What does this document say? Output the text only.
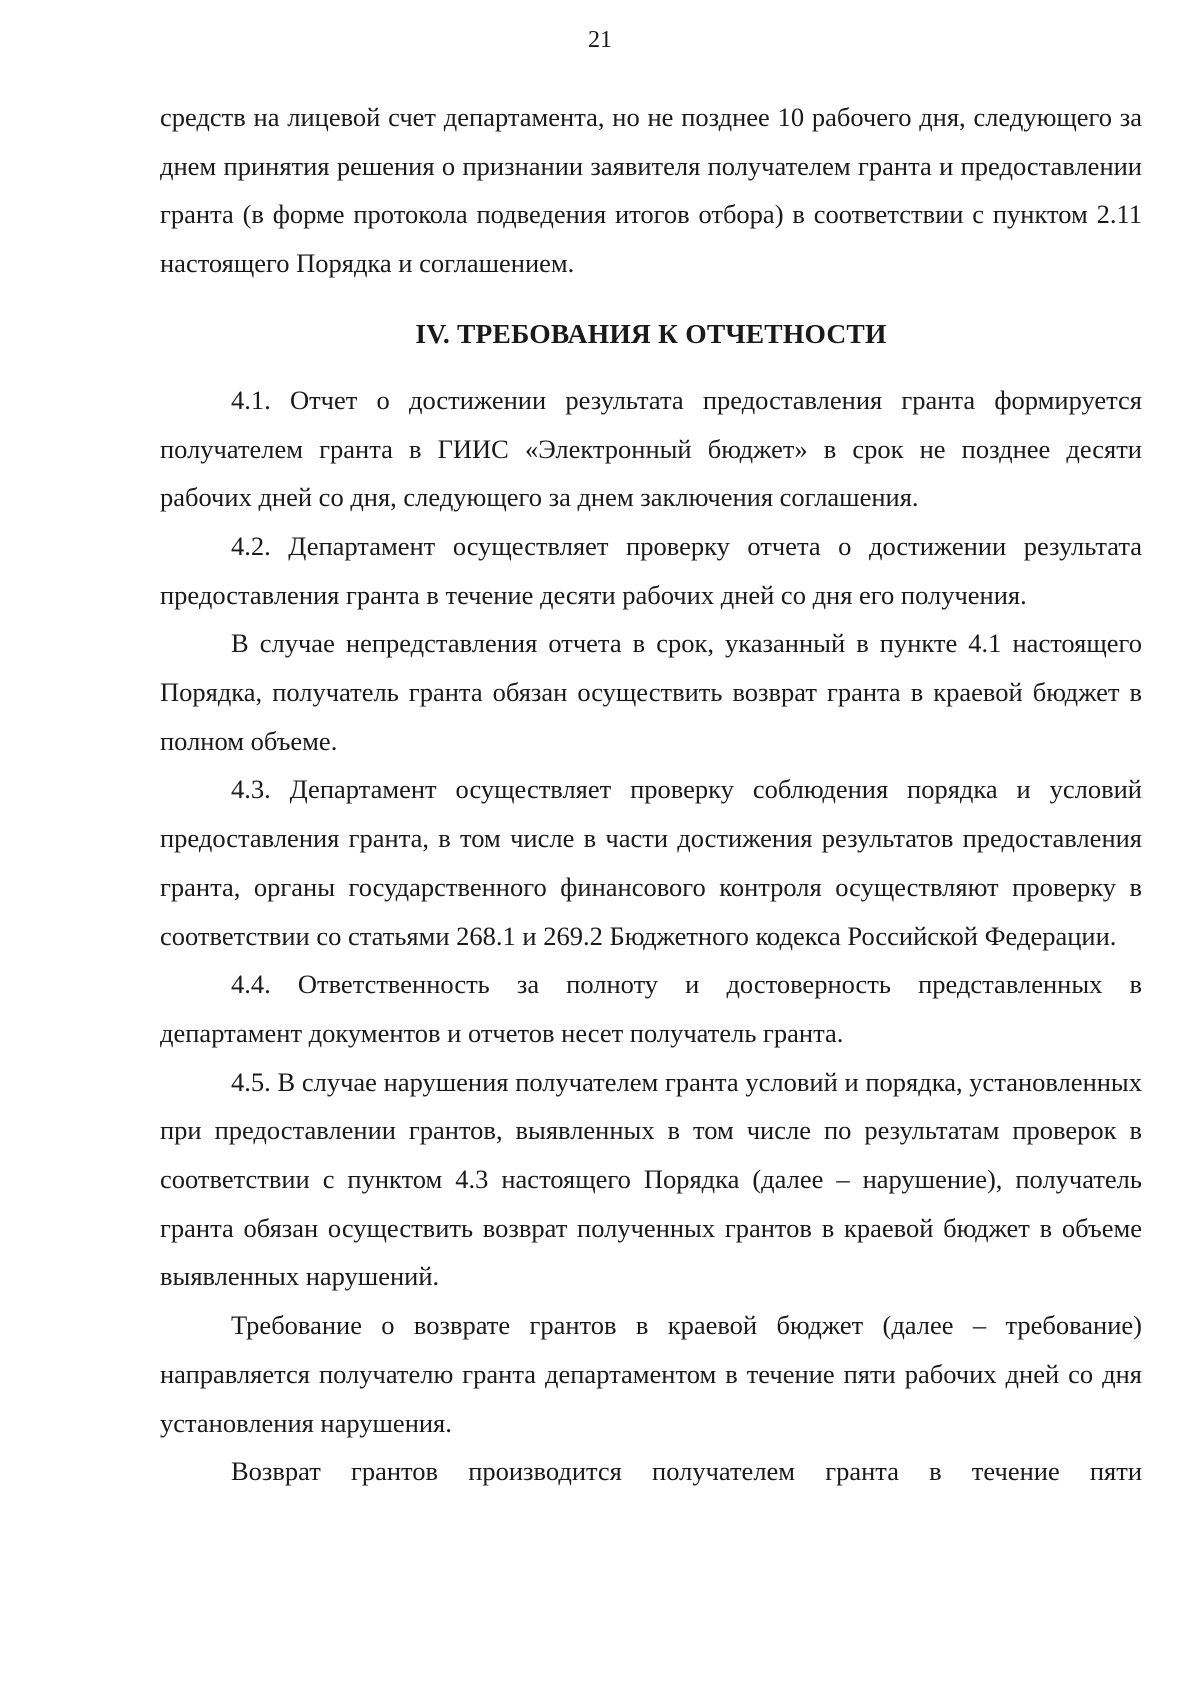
21

средств на лицевой счет департамента, но не позднее 10 рабочего дня, следующего за днем принятия решения о признании заявителя получателем гранта и предоставлении гранта (в форме протокола подведения итогов отбора) в соответствии с пунктом 2.11 настоящего Порядка и соглашением.

IV. ТРЕБОВАНИЯ К ОТЧЕТНОСТИ

4.1. Отчет о достижении результата предоставления гранта формируется получателем гранта в ГИИС «Электронный бюджет» в срок не позднее десяти рабочих дней со дня, следующего за днем заключения соглашения.

4.2. Департамент осуществляет проверку отчета о достижении результата предоставления гранта в течение десяти рабочих дней со дня его получения.

В случае непредставления отчета в срок, указанный в пункте 4.1 настоящего Порядка, получатель гранта обязан осуществить возврат гранта в краевой бюджет в полном объеме.

4.3. Департамент осуществляет проверку соблюдения порядка и условий предоставления гранта, в том числе в части достижения результатов предоставления гранта, органы государственного финансового контроля осуществляют проверку в соответствии со статьями 268.1 и 269.2 Бюджетного кодекса Российской Федерации.

4.4. Ответственность за полноту и достоверность представленных в департамент документов и отчетов несет получатель гранта.

4.5. В случае нарушения получателем гранта условий и порядка, установленных при предоставлении грантов, выявленных в том числе по результатам проверок в соответствии с пунктом 4.3 настоящего Порядка (далее – нарушение), получатель гранта обязан осуществить возврат полученных грантов в краевой бюджет в объеме выявленных нарушений.

Требование о возврате грантов в краевой бюджет (далее – требование) направляется получателю гранта департаментом в течение пяти рабочих дней со дня установления нарушения.

Возврат грантов производится получателем гранта в течение пяти
